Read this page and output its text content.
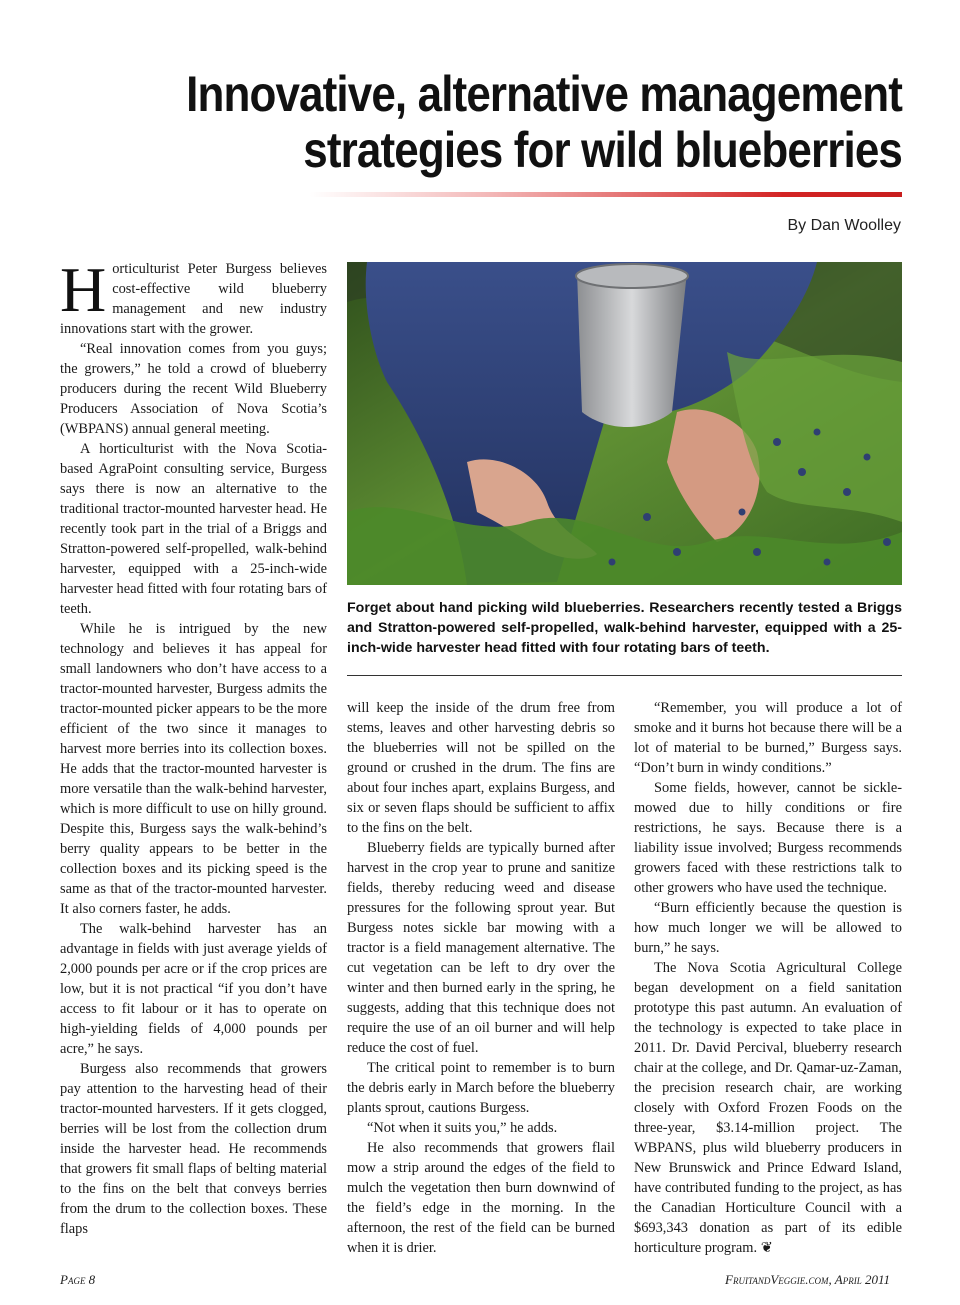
Innovative, alternative management
strategies for wild blueberries
By Dan Woolley

Horticulturist Peter Burgess believes cost-effective wild blueberry management and new industry innovations start with the grower.

“Real innovation comes from you guys; the growers,” he told a crowd of blueberry producers during the recent Wild Blueberry Producers Association of Nova Scotia’s (WBPANS) annual general meeting.

A horticulturist with the Nova Scotia-based AgraPoint consulting service, Burgess says there is now an alternative to the traditional tractor-mounted harvester head. He recently took part in the trial of a Briggs and Stratton-powered self-propelled, walk-behind harvester, equipped with a 25-inch-wide harvester head fitted with four rotating bars of teeth.

While he is intrigued by the new technology and believes it has appeal for small landowners who don’t have access to a tractor-mounted harvester, Burgess admits the tractor-mounted picker appears to be the more efficient of the two since it manages to harvest more berries into its collection boxes. He adds that the tractor-mounted harvester is more versatile than the walk-behind harvester, which is more difficult to use on hilly ground. Despite this, Burgess says the walk-behind’s berry quality appears to be better in the collection boxes and its picking speed is the same as that of the tractor-mounted harvester. It also corners faster, he adds.

The walk-behind harvester has an advantage in fields with just average yields of 2,000 pounds per acre or if the crop prices are low, but it is not practical “if you don’t have access to fit labour or it has to operate on high-yielding fields of 4,000 pounds per acre,” he says.

Burgess also recommends that growers pay attention to the harvesting head of their tractor-mounted harvesters. If it gets clogged, berries will be lost from the collection drum inside the harvester head. He recommends that growers fit small flaps of belting material to the fins on the belt that conveys berries from the drum to the collection boxes. These flaps

Forget about hand picking wild blueberries. Researchers recently tested a Briggs and Stratton-powered self-propelled, walk-behind harvester, equipped with a 25-inch-wide harvester head fitted with four rotating bars of teeth.

will keep the inside of the drum free from stems, leaves and other harvesting debris so the blueberries will not be spilled on the ground or crushed in the drum. The fins are about four inches apart, explains Burgess, and six or seven flaps should be sufficient to affix to the fins on the belt.

Blueberry fields are typically burned after harvest in the crop year to prune and sanitize fields, thereby reducing weed and disease pressures for the following sprout year. But Burgess notes sickle bar mowing with a tractor is a field management alternative. The cut vegetation can be left to dry over the winter and then burned early in the spring, he suggests, adding that this technique does not require the use of an oil burner and will help reduce the cost of fuel.

The critical point to remember is to burn the debris early in March before the blueberry plants sprout, cautions Burgess.

“Not when it suits you,” he adds.

He also recommends that growers flail mow a strip around the edges of the field to mulch the vegetation then burn downwind of the field’s edge in the morning. In the afternoon, the rest of the field can be burned when it is drier.

“Remember, you will produce a lot of smoke and it burns hot because there will be a lot of material to be burned,” Burgess says. “Don’t burn in windy conditions.”

Some fields, however, cannot be sickle-mowed due to hilly conditions or fire restrictions, he says. Because there is a liability issue involved; Burgess recommends growers faced with these restrictions talk to other growers who have used the technique.

“Burn efficiently because the question is how much longer we will be allowed to burn,” he says.

The Nova Scotia Agricultural College began development on a field sanitation prototype this past autumn. An evaluation of the technology is expected to take place in 2011. Dr. David Percival, blueberry research chair at the college, and Dr. Qamar-uz-Zaman, the precision research chair, are working closely with Oxford Frozen Foods on the three-year, $3.14-million project. The WBPANS, plus wild blueberry producers in New Brunswick and Prince Edward Island, have contributed funding to the project, as has the Canadian Horticulture Council with a $693,343 donation as part of its edible horticulture program. ❦

Page 8	FruitandVeggie.com, April 2011
